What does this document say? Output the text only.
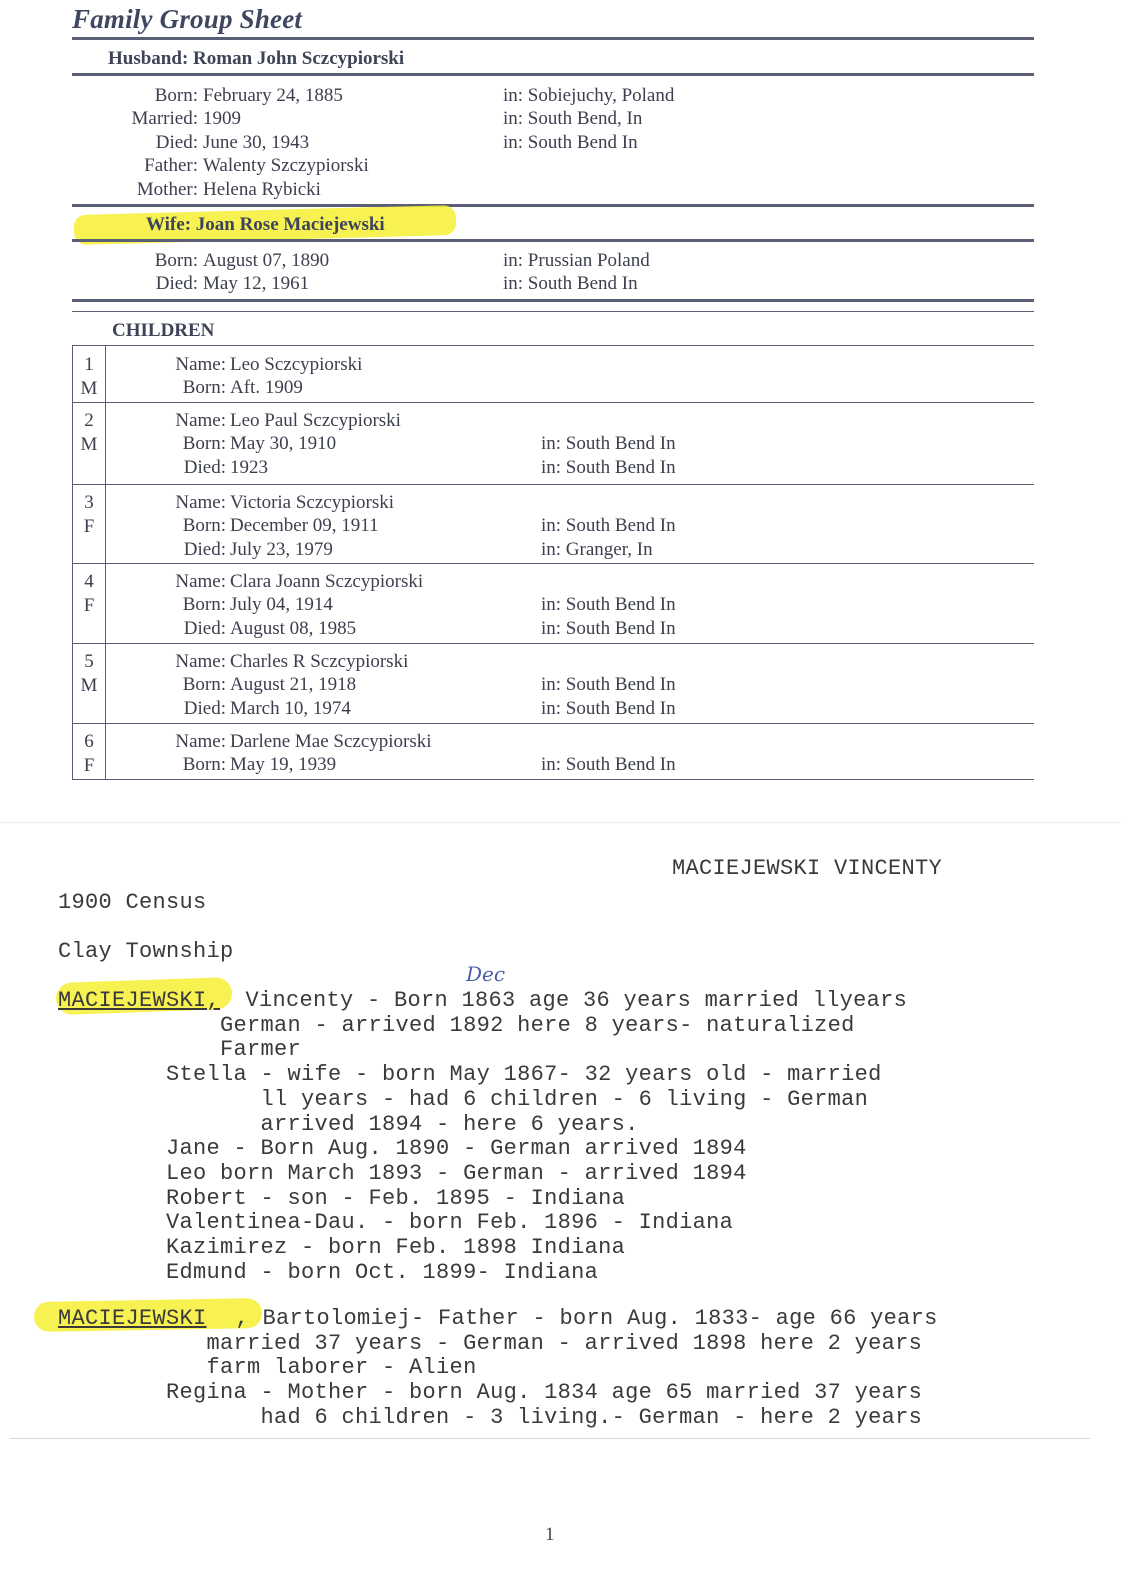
Family Group Sheet
Husband: Roman John Sczcypiorski
Born: February 24, 1885	in: Sobiejuchy, Poland
Married: 1909	in: South Bend, In
Died: June 30, 1943	in: South Bend In
Father: Walenty Szczypiorski
Mother: Helena Rybicki
Wife: Joan Rose Maciejewski
Born: August 07, 1890	in: Prussian Poland
Died: May 12, 1961	in: South Bend In
CHILDREN
1
M
Name: Leo Sczcypiorski
Born: Aft. 1909
2
M
Name: Leo Paul Sczcypiorski
Born: May 30, 1910	in: South Bend In
Died: 1923	in: South Bend In
3
F
Name: Victoria Sczcypiorski
Born: December 09, 1911	in: South Bend In
Died: July 23, 1979	in: Granger, In
4
F
Name: Clara Joann Sczcypiorski
Born: July 04, 1914	in: South Bend In
Died: August 08, 1985	in: South Bend In
5
M
Name: Charles R Sczcypiorski
Born: August 21, 1918	in: South Bend In
Died: March 10, 1974	in: South Bend In
6
F
Name: Darlene Mae Sczcypiorski
Born: May 19, 1939	in: South Bend In
MACIEJEWSKI VINCENTY
1900 Census
Clay Township
Dec
MACIEJEWSKI, Vincenty - Born 1863 age 36 years married llyears
German - arrived 1892 here 8 years- naturalized
Farmer
Stella - wife - born May 1867- 32 years old - married
ll years - had 6 children - 6 living - German
arrived 1894 - here 6 years.
Jane - Born Aug. 1890 - German arrived 1894
Leo born March 1893 - German - arrived 1894
Robert - son - Feb. 1895 - Indiana
Valentinea-Dau. - born Feb. 1896 - Indiana
Kazimirez - born Feb. 1898 Indiana
Edmund - born Oct. 1899- Indiana
MACIEJEWSKI , Bartolomiej- Father - born Aug. 1833- age 66 years
married 37 years - German - arrived 1898 here 2 years
farm laborer - Alien
Regina - Mother - born Aug. 1834 age 65 married 37 years
had 6 children - 3 living.- German - here 2 years
1
